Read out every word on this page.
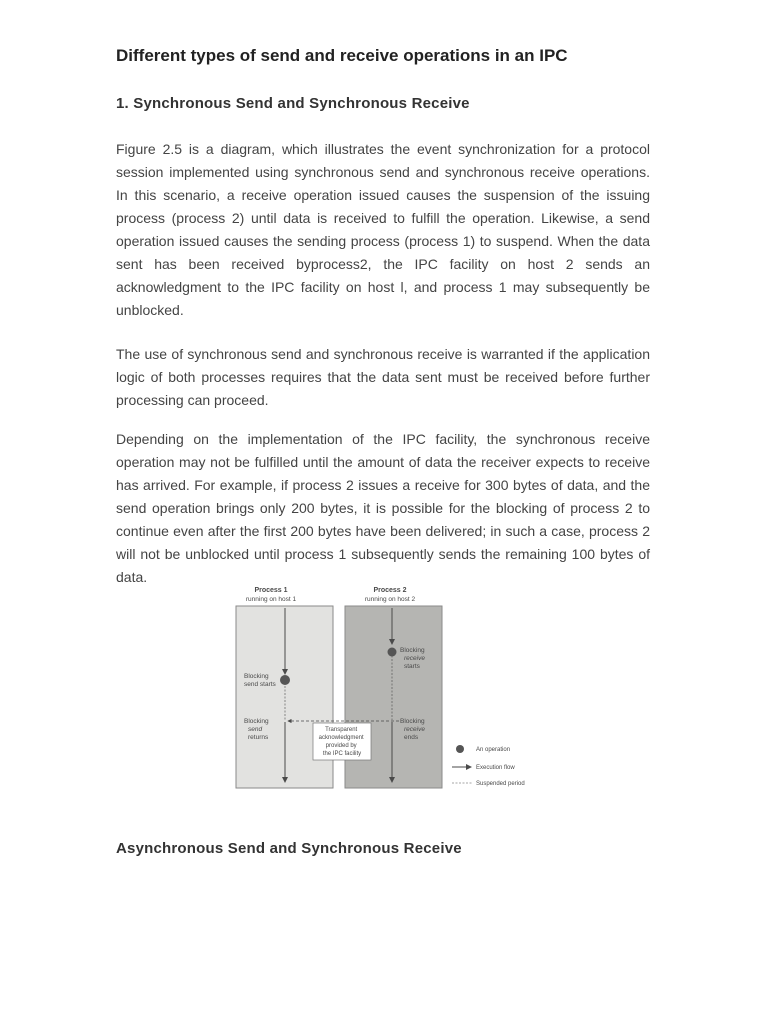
Different types of send and receive operations in an IPC
1. Synchronous Send and Synchronous Receive

Figure 2.5 is a diagram, which illustrates the event synchronization for a protocol session implemented using synchronous send and synchronous receive operations. In this scenario, a receive operation issued causes the suspension of the issuing process (process 2) until data is received to fulfill the operation. Likewise, a send operation issued causes the sending process (process 1) to suspend. When the data sent has been received byprocess2, the IPC facility on host 2 sends an acknowledgment to the IPC facility on host l, and process 1 may subsequently be unblocked.

The use of synchronous send and synchronous receive is warranted if the application logic of both processes requires that the data sent must be received before further processing can proceed.

Depending on the implementation of the IPC facility, the synchronous receive operation may not be fulfilled until the amount of data the receiver expects to receive has arrived. For example, if process 2 issues a receive for 300 bytes of data, and the send operation brings only 200 bytes, it is possible for the blocking of process 2 to continue even after the first 200 bytes have been delivered; in such a case, process 2 will not be unblocked until process 1 subsequently sends the remaining 100 bytes of data.

Asynchronous Send and Synchronous Receive
Process 1
running on host 1
Process 2
running on host 2
Blocking send starts
Blocking send returns
Blocking receive starts
Blocking receive ends
Transparent acknowledgment provided by the IPC facility
An operation
Execution flow
Suspended period
